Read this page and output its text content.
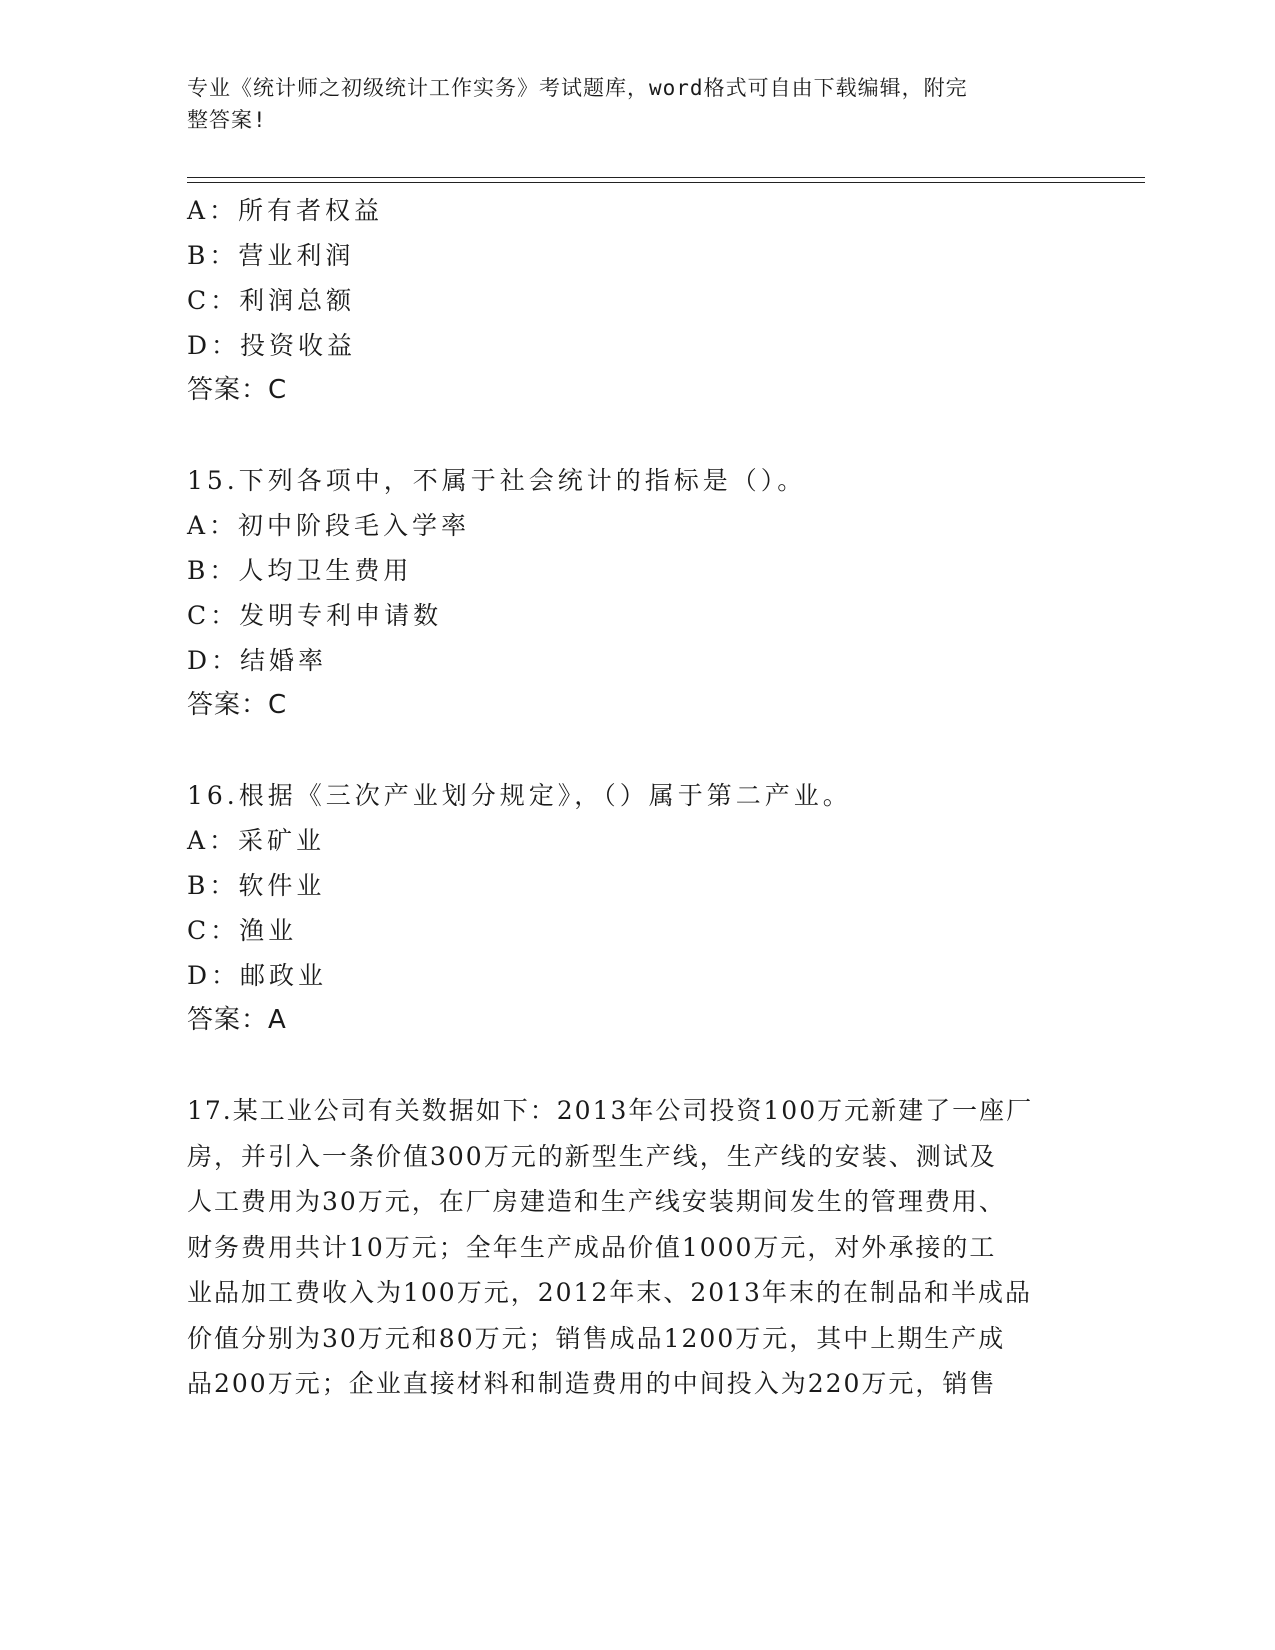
专业《统计师之初级统计工作实务》考试题库，word格式可自由下载编辑，附完
整答案!
A：所有者权益
B：营业利润
C：利润总额
D：投资收益
答案：C
15.下列各项中，不属于社会统计的指标是（）。
A：初中阶段毛入学率
B：人均卫生费用
C：发明专利申请数
D：结婚率
答案：C
16.根据《三次产业划分规定》，（）属于第二产业。
A：采矿业
B：软件业
C：渔业
D：邮政业
答案：A
17.某工业公司有关数据如下：2013年公司投资100万元新建了一座厂
房，并引入一条价值300万元的新型生产线，生产线的安装、测试及
人工费用为30万元，在厂房建造和生产线安装期间发生的管理费用、
财务费用共计10万元；全年生产成品价值1000万元，对外承接的工
业品加工费收入为100万元，2012年末、2013年末的在制品和半成品
价值分别为30万元和80万元；销售成品1200万元，其中上期生产成
品200万元；企业直接材料和制造费用的中间投入为220万元，销售
